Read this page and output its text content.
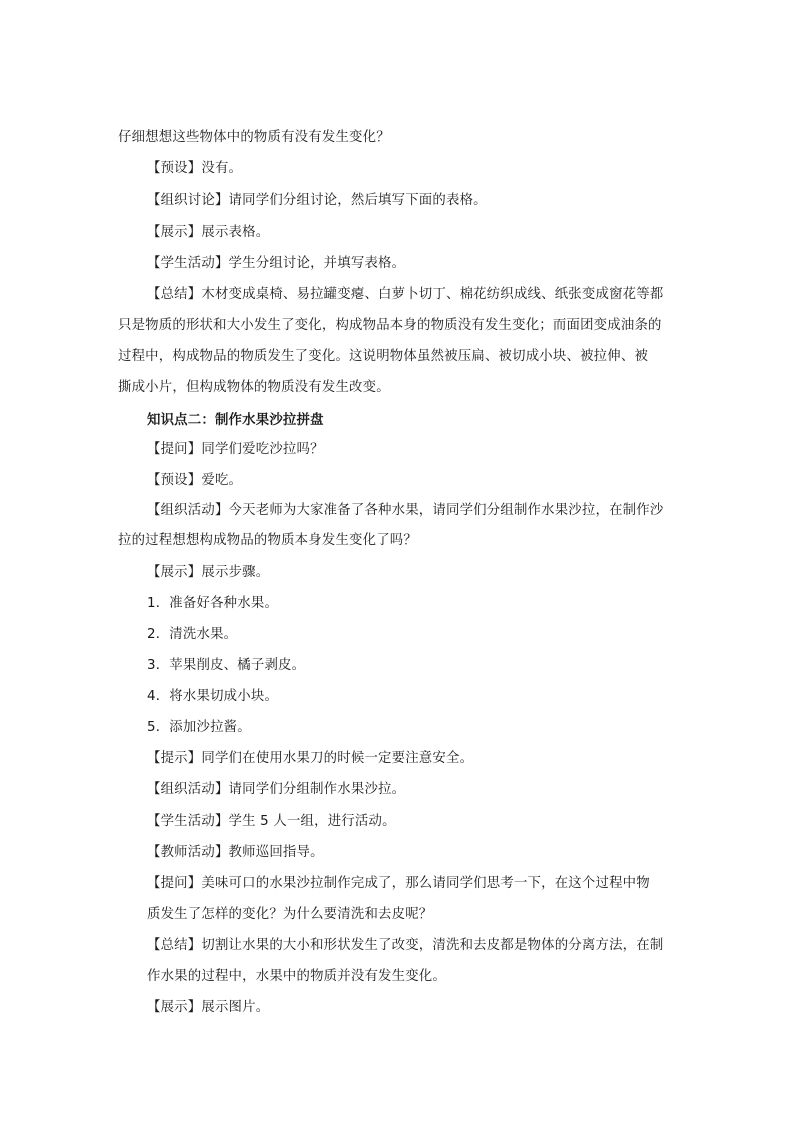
仔细想想这些物体中的物质有没有发生变化？
【预设】没有。
【组织讨论】请同学们分组讨论，然后填写下面的表格。
【展示】展示表格。
【学生活动】学生分组讨论，并填写表格。
【总结】木材变成桌椅、易拉罐变瘪、白萝卜切丁、棉花纺织成线、纸张变成窗花等都
只是物质的形状和大小发生了变化，构成物品本身的物质没有发生变化；而面团变成油条的
过程中，构成物品的物质发生了变化。这说明物体虽然被压扁、被切成小块、被拉伸、被
撕成小片，但构成物体的物质没有发生改变。
知识点二：制作水果沙拉拼盘
【提问】同学们爱吃沙拉吗？
【预设】爱吃。
【组织活动】今天老师为大家准备了各种水果，请同学们分组制作水果沙拉，在制作沙
拉的过程想想构成物品的物质本身发生变化了吗？
【展示】展示步骤。
1．准备好各种水果。
2．清洗水果。
3．苹果削皮、橘子剥皮。
4．将水果切成小块。
5．添加沙拉酱。
【提示】同学们在使用水果刀的时候一定要注意安全。
【组织活动】请同学们分组制作水果沙拉。
【学生活动】学生 5 人一组，进行活动。
【教师活动】教师巡回指导。
【提问】美味可口的水果沙拉制作完成了，那么请同学们思考一下，在这个过程中物
质发生了怎样的变化？为什么要清洗和去皮呢？
【总结】切割让水果的大小和形状发生了改变，清洗和去皮都是物体的分离方法，在制
作水果的过程中，水果中的物质并没有发生变化。
【展示】展示图片。
